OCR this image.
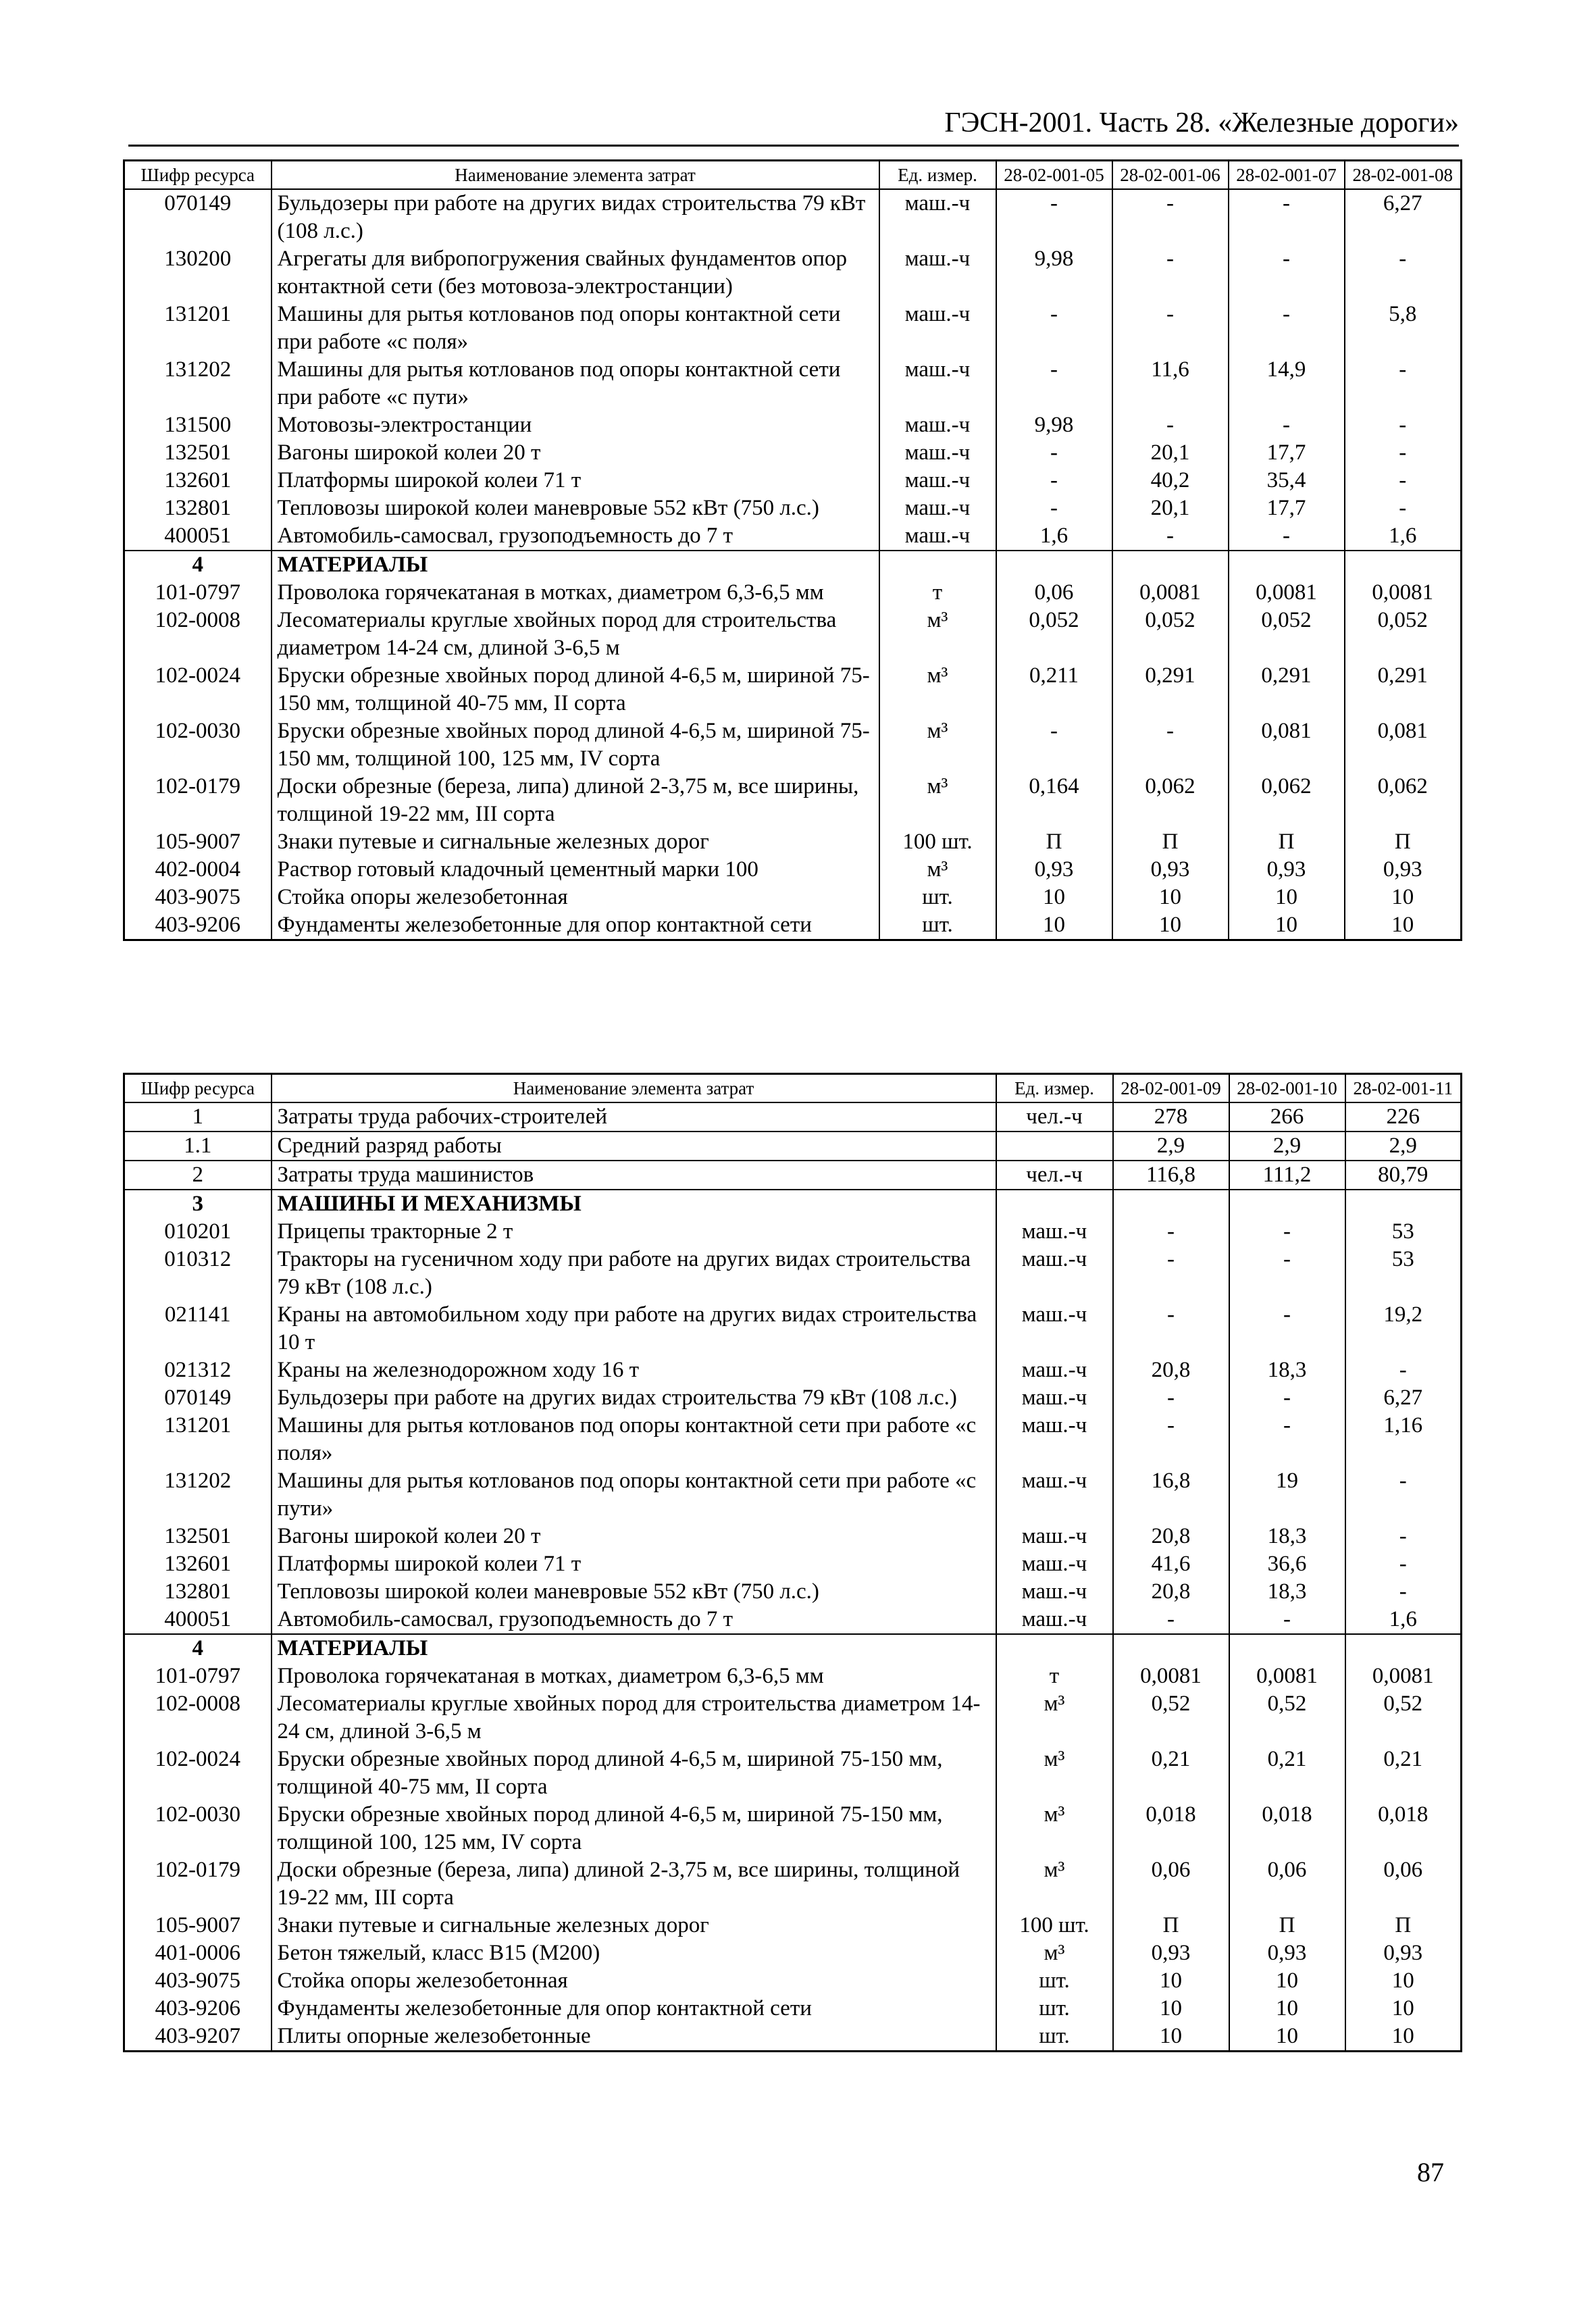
ГЭСН-2001. Часть 28. «Железные дороги»
Шифр ресурса	Наименование элемента затрат	Ед. измер.	28-02-001-05	28-02-001-06	28-02-001-07	28-02-001-08
070149	Бульдозеры при работе на других видах строительства 79 кВт (108 л.с.)	маш.-ч	-	-	-	6,27
130200	Агрегаты для вибропогружения свайных фундаментов опор контактной сети (без мотовоза-электростанции)	маш.-ч	9,98	-	-	-
131201	Машины для рытья котлованов под опоры контактной сети при работе «с поля»	маш.-ч	-	-	-	5,8
131202	Машины для рытья котлованов под опоры контактной сети при работе «с пути»	маш.-ч	-	11,6	14,9	-
131500	Мотовозы-электростанции	маш.-ч	9,98	-	-	-
132501	Вагоны широкой колеи 20 т	маш.-ч	-	20,1	17,7	-
132601	Платформы широкой колеи 71 т	маш.-ч	-	40,2	35,4	-
132801	Тепловозы широкой колеи маневровые 552 кВт (750 л.с.)	маш.-ч	-	20,1	17,7	-
400051	Автомобиль-самосвал, грузоподъемность до 7 т	маш.-ч	1,6	-	-	1,6
4	МАТЕРИАЛЫ					
101-0797	Проволока горячекатаная в мотках, диаметром 6,3-6,5 мм	т	0,06	0,0081	0,0081	0,0081
102-0008	Лесоматериалы круглые хвойных пород для строительства диаметром 14-24 см, длиной 3-6,5 м	м³	0,052	0,052	0,052	0,052
102-0024	Бруски обрезные хвойных пород длиной 4-6,5 м, шириной 75-150 мм, толщиной 40-75 мм, II сорта	м³	0,211	0,291	0,291	0,291
102-0030	Бруски обрезные хвойных пород длиной 4-6,5 м, шириной 75-150 мм, толщиной 100, 125 мм, IV сорта	м³	-	-	0,081	0,081
102-0179	Доски обрезные (береза, липа) длиной 2-3,75 м, все ширины, толщиной 19-22 мм, III сорта	м³	0,164	0,062	0,062	0,062
105-9007	Знаки путевые и сигнальные железных дорог	100 шт.	П	П	П	П
402-0004	Раствор готовый кладочный цементный марки 100	м³	0,93	0,93	0,93	0,93
403-9075	Стойка опоры железобетонная	шт.	10	10	10	10
403-9206	Фундаменты железобетонные для опор контактной сети	шт.	10	10	10	10
Шифр ресурса	Наименование элемента затрат	Ед. измер.	28-02-001-09	28-02-001-10	28-02-001-11
1	Затраты труда рабочих-строителей	чел.-ч	278	266	226
1.1	Средний разряд работы		2,9	2,9	2,9
2	Затраты труда машинистов	чел.-ч	116,8	111,2	80,79
3	МАШИНЫ И МЕХАНИЗМЫ				
010201	Прицепы тракторные 2 т	маш.-ч	-	-	53
010312	Тракторы на гусеничном ходу при работе на других видах строительства 79 кВт (108 л.с.)	маш.-ч	-	-	53
021141	Краны на автомобильном ходу при работе на других видах строительства 10 т	маш.-ч	-	-	19,2
021312	Краны на железнодорожном ходу 16 т	маш.-ч	20,8	18,3	-
070149	Бульдозеры при работе на других видах строительства 79 кВт (108 л.с.)	маш.-ч	-	-	6,27
131201	Машины для рытья котлованов под опоры контактной сети при работе «с поля»	маш.-ч	-	-	1,16
131202	Машины для рытья котлованов под опоры контактной сети при работе «с пути»	маш.-ч	16,8	19	-
132501	Вагоны широкой колеи 20 т	маш.-ч	20,8	18,3	-
132601	Платформы широкой колеи 71 т	маш.-ч	41,6	36,6	-
132801	Тепловозы широкой колеи маневровые 552 кВт (750 л.с.)	маш.-ч	20,8	18,3	-
400051	Автомобиль-самосвал, грузоподъемность до 7 т	маш.-ч	-	-	1,6
4	МАТЕРИАЛЫ				
101-0797	Проволока горячекатаная в мотках, диаметром 6,3-6,5 мм	т	0,0081	0,0081	0,0081
102-0008	Лесоматериалы круглые хвойных пород для строительства диаметром 14-24 см, длиной 3-6,5 м	м³	0,52	0,52	0,52
102-0024	Бруски обрезные хвойных пород длиной 4-6,5 м, шириной 75-150 мм, толщиной 40-75 мм, II сорта	м³	0,21	0,21	0,21
102-0030	Бруски обрезные хвойных пород длиной 4-6,5 м, шириной 75-150 мм, толщиной 100, 125 мм, IV сорта	м³	0,018	0,018	0,018
102-0179	Доски обрезные (береза, липа) длиной 2-3,75 м, все ширины, толщиной 19-22 мм, III сорта	м³	0,06	0,06	0,06
105-9007	Знаки путевые и сигнальные железных дорог	100 шт.	П	П	П
401-0006	Бетон тяжелый, класс B15 (М200)	м³	0,93	0,93	0,93
403-9075	Стойка опоры железобетонная	шт.	10	10	10
403-9206	Фундаменты железобетонные для опор контактной сети	шт.	10	10	10
403-9207	Плиты опорные железобетонные	шт.	10	10	10
87
